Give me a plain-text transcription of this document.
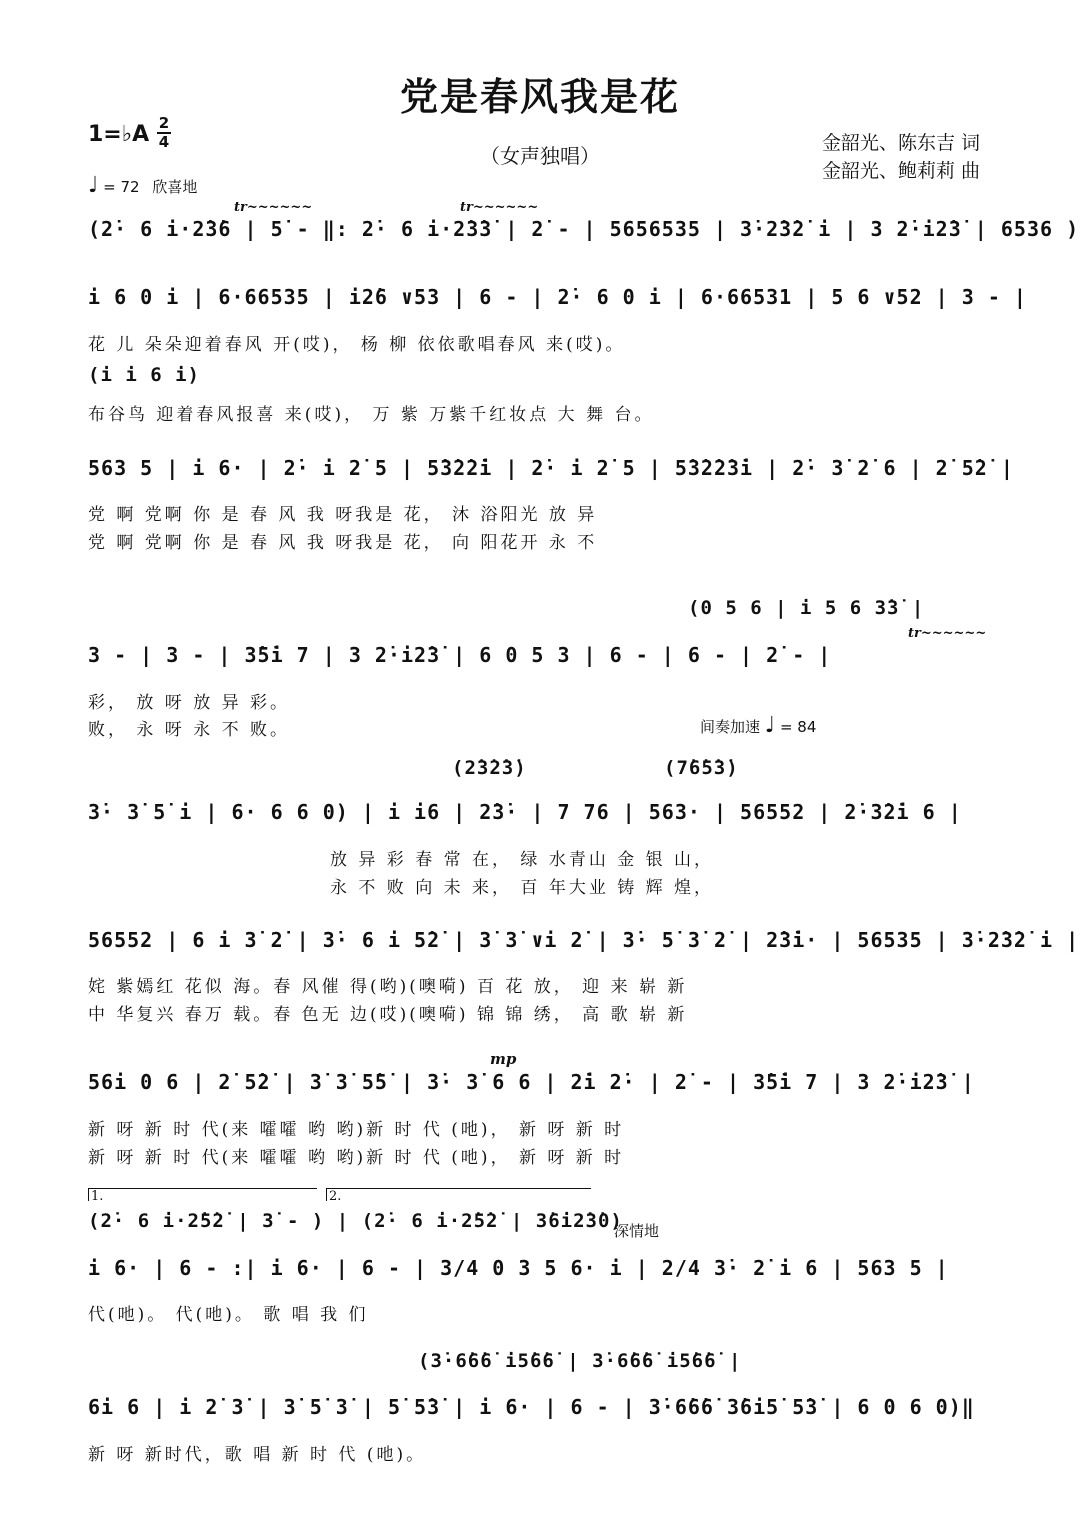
党是春风我是花
（女声独唱）
金韶光、陈东吉 词
金韶光、鲍莉莉 曲
1=♭A 2
4
♩ = 72 欣喜地
tr~~~~~~	tr~~~~~~
(2̇· 6 i·2̇3̇6 | 5̇ - ‖: 2̇· 6 i·2̇3̇3̇ | 2̇ - | 5656535 | 3̇·2̇3̇2̇ i | 3 2̇·i2̇3̇ | 6536 )
i 6 0 i | 6·66535 | i2̇6 ∨53 | 6 - | 2̇· 6 0 i | 6·66531 | 5 6 ∨52 | 3 - |
花 儿 朵朵迎着春风 开(哎)， 杨 柳 依依歌唱春风 来(哎)。
(i i 6 i)
布谷鸟 迎着春风报喜 来(哎)， 万 紫 万紫千红妆点 大 舞 台。
563 5 | i 6· | 2̇· i 2̇ 5 | 5̇3̇2̇2̇i | 2̇· i 2̇ 5 | 5̇3̇2̇2̇3̇i | 2̇· 3̇ 2̇ 6 | 2̇ 5̇2̇ |
党 啊 党啊 你 是 春 风 我 呀我是 花， 沐 浴阳光 放 异
党 啊 党啊 你 是 春 风 我 呀我是 花， 向 阳花开 永 不
(0 5 6 | i 5 6 3̇3̇ |
tr~~~~~~
3 - | 3 - | 3̇5̇i 7 | 3 2̇·i2̇3̇ | 6 0 5 3 | 6 - | 6 - | 2̇ - |
彩， 放 呀 放 异 彩。
败， 永 呀 永 不 败。	间奏加速 ♩ = 84
(2̇3̇2̇3̇)	(7̇6̇5̇3̇)
3̇· 3̇ 5̇ i | 6· 6 6 0) | i i6 | 2̇3̇· | 7 76 | 563· | 56552 | 2̇·3̇2̇i 6 |
放 异 彩 春 常 在， 绿 水青山 金 银 山，
永 不 败 向 未 来， 百 年大业 铸 辉 煌，
56552 | 6 i 3̇ 2̇ | 3̇· 6 i 5̇2̇ | 3̇ 3̇ ∨i 2̇ | 3̇· 5̇ 3̇ 2̇ | 2̇3̇i· | 56535 | 3̇·2̇3̇2̇ i |
姹 紫嫣红 花似 海。春 风催 得(哟)(噢嗬) 百 花 放， 迎 来 崭 新
中 华复兴 春万 载。春 色无 边(哎)(噢嗬) 锦 锦 绣， 高 歌 崭 新
mp
56i 0 6 | 2̇ 5̇2̇ | 3̇ 3̇ 5̇5̇ | 3̇· 3̇ 6 6 | 2̇i 2̇· | 2̇ - | 3̇5̇i 7 | 3 2̇·i2̇3̇ |
新 呀 新 时 代(来 嚯嚯 哟 哟)新 时 代 (吔)， 新 呀 新 时
新 呀 新 时 代(来 嚯嚯 哟 哟)新 时 代 (吔)， 新 呀 新 时
1.	2.
(2̇· 6 i·2̇5̇2̇ | 3̇ - ) | (2̇· 6 i·2̇5̇2̇ | 3̇6i2̇3̇0)
深情地
i 6· | 6 - :| i 6· | 6 - | 3/4 0 3 5 6· i | 2/4 3̇· 2̇ i 6 | 563 5 |
代(吔)。 代(吔)。 歌 唱 我 们
(3̇·6̇6̇6̇ i5̇6̇6̇ | 3̇·6̇6̇6̇ i5̇6̇6̇ |
6i 6 | i 2̇ 3̇ | 3̇ 5̇ 3̇ | 5̇ 5̇3̇ | i 6· | 6 - | 3̇·6̇6̇6̇ 3̇6i5̇ 5̇3̇ | 6 0 6 0)‖
新 呀 新时代，歌 唱 新 时 代 (吔)。
